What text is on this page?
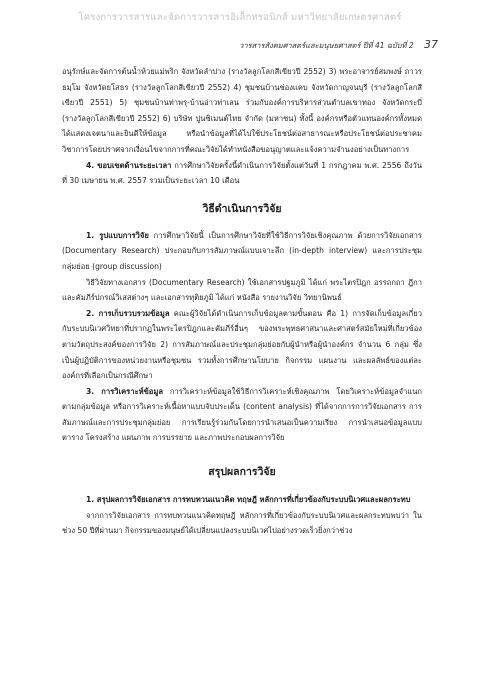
โครงการวารสารและจัดการวารสารอิเล็กทรอนิกส์ มหาวิทยาลัยเกษตรศาสตร์
วารสารสังคมศาสตร์และมนุษยศาสตร์ ปีที่ 41 ฉบับที่ 2 37

อนุรักษ์และจัดการต้นน้ำห้วยแม่พริก จังหวัดลำปาง (รางวัลลูกโลกสีเขียวปี 2552) 3) พระอาจารย์สมพงษ์ ถาวรธมฺโม จังหวัดยโสธร (รางวัลลูกโลกสีเขียวปี 2552) 4) ชุมชนบ้านช่องแคบ จังหวัดกาญจนบุรี (รางวัลลูกโลกสีเขียวปี 2551) 5) ชุมชนบ้านท่าพรุ-บ้านอ่าวท่าเลน ร่วมกับองค์การบริหารส่วนตำบลเขาทอง จังหวัดกระบี่ (รางวัลลูกโลกสีเขียวปี 2552) 6) บริษัท ปูนซิเมนต์ไทย จำกัด (มหาชน) ทั้งนี้ องค์กรหรือตัวแทนองค์กรทั้งหมด ได้แสดงเจตนาและยินดีให้ข้อมูล หรือนำข้อมูลที่ได้ไปใช้ประโยชน์ต่อสาธารณะหรือประโยชน์ต่อประชาคมวิชาการโดยปราศจากเงื่อนไขจากการที่คณะวิจัยได้ทำหนังสือขอนุญาตและแจ้งความจำนงอย่างเป็นทางการ

4. ขอบเขตด้านระยะเวลา การศึกษาวิจัยครั้งนี้ดำเนินการวิจัยตั้งแต่วันที่ 1 กรกฎาคม พ.ศ. 2556 ถึงวันที่ 30 เมษายน พ.ศ. 2557 รวมเป็นระยะเวลา 10 เดือน

วิธีดำเนินการวิจัย

1. รูปแบบการวิจัย การศึกษาวิจัยนี้ เป็นการศึกษาวิจัยที่ใช้วิธีการวิจัยเชิงคุณภาพ ด้วยการวิจัยเอกสาร (Documentary Research) ประกอบกับการสัมภาษณ์แบบเจาะลึก (in-depth interview) และการประชุมกลุ่มย่อย (group discussion)

วิธีวิจัยทางเอกสาร (Documentary Research) ใช้เอกสารปฐมภูมิ ได้แก่ พระไตรปิฎก อรรถกถา ฎีกา และคัมภีร์ปกรณ์วิเสสต่างๆ และเอกสารทุติยภูมิ ได้แก่ หนังสือ รายงานวิจัย วิทยานิพนธ์

2. การเก็บรวบรวมข้อมูล คณะผู้วิจัยได้ดำเนินการเก็บข้อมูลตามขั้นตอน คือ 1) การจัดเก็บข้อมูลเกี่ยวกับระบบนิเวศวิทยาที่ปรากฏในพระไตรปิฎกและคัมภีร์อื่นๆ ของพระพุทธศาสนาและศาสตร์สมัยใหม่ที่เกี่ยวข้องตามวัตถุประสงค์ของการวิจัย 2) การสัมภาษณ์และประชุมกลุ่มย่อยกับผู้นำหรือผู้นำองค์กร จำนวน 6 กลุ่ม ซึ่งเป็นผู้ปฏิบัติการของหน่วยงานหรือชุมชน รวมทั้งการศึกษานโยบาย กิจกรรม แผนงาน และผลลัพธ์ของแต่ละองค์กรที่เลือกเป็นกรณีศึกษา

3. การวิเคราะห์ข้อมูล การวิเคราะห์ข้อมูลใช้วิธีการวิเคราะห์เชิงคุณภาพ โดยวิเคราะห์ข้อมูลจำแนกตามกลุ่มข้อมูล หรือการวิเคราะห์เนื้อหาแบบจับประเด็น (content analysis) ที่ได้จากการการวิจัยเอกสาร การสัมภาษณ์และการประชุมกลุ่มย่อย การเรียนรู้ร่วมกันโดยการนำเสนอเป็นความเรียง การนำเสนอข้อมูลแบบตาราง โครงสร้าง แผนภาพ การบรรยาย และภาพประกอบผลการวิจัย

สรุปผลการวิจัย

1. สรุปผลการวิจัยเอกสาร การทบทวนแนวคิด ทฤษฎี หลักการที่เกี่ยวข้องกับระบบนิเวศและผลกระทบ

จากการวิจัยเอกสาร การทบทวนแนวคิดทฤษฎี หลักการที่เกี่ยวข้องกับระบบนิเวศและผลกระทบพบว่า ในช่วง 50 ปีที่ผ่านมา กิจกรรมของมนุษย์ได้เปลี่ยนแปลงระบบนิเวศไปอย่างรวดเร็วยิ่งกว่าช่วง
